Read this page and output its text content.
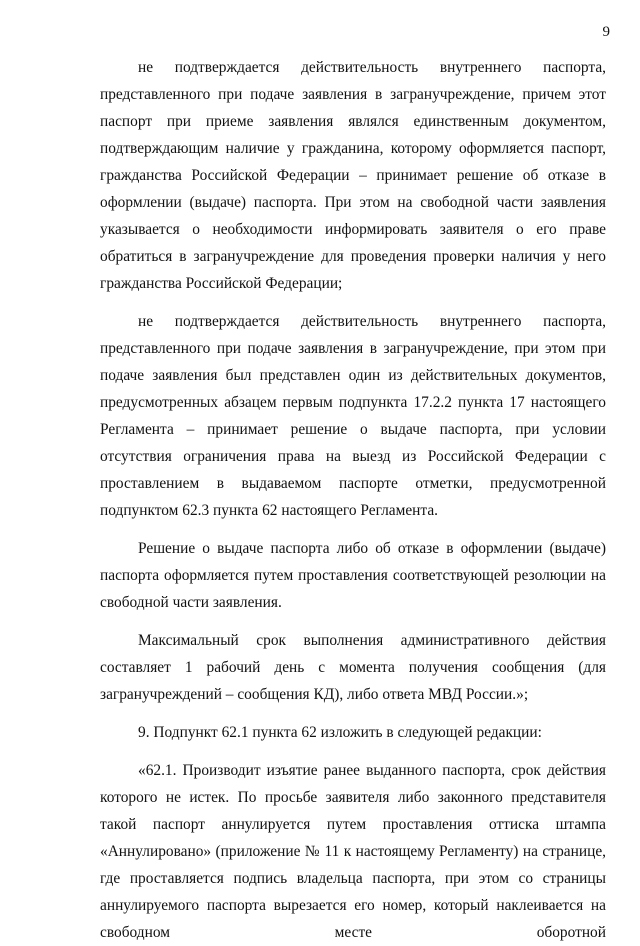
9

не подтверждается действительность внутреннего паспорта, представленного при подаче заявления в загранучреждение, причем этот паспорт при приеме заявления являлся единственным документом, подтверждающим наличие у гражданина, которому оформляется паспорт, гражданства Российской Федерации – принимает решение об отказе в оформлении (выдаче) паспорта. При этом на свободной части заявления указывается о необходимости информировать заявителя о его праве обратиться в загранучреждение для проведения проверки наличия у него гражданства Российской Федерации;

не подтверждается действительность внутреннего паспорта, представленного при подаче заявления в загранучреждение, при этом при подаче заявления был представлен один из действительных документов, предусмотренных абзацем первым подпункта 17.2.2 пункта 17 настоящего Регламента – принимает решение о выдаче паспорта, при условии отсутствия ограничения права на выезд из Российской Федерации с проставлением в выдаваемом паспорте отметки, предусмотренной подпунктом 62.3 пункта 62 настоящего Регламента.

Решение о выдаче паспорта либо об отказе в оформлении (выдаче) паспорта оформляется путем проставления соответствующей резолюции на свободной части заявления.

Максимальный срок выполнения административного действия составляет 1 рабочий день с момента получения сообщения (для загранучреждений – сообщения КД), либо ответа МВД России.»;

9. Подпункт 62.1 пункта 62 изложить в следующей редакции:

«62.1. Производит изъятие ранее выданного паспорта, срок действия которого не истек. По просьбе заявителя либо законного представителя такой паспорт аннулируется путем проставления оттиска штампа «Аннулировано» (приложение № 11 к настоящему Регламенту) на странице, где проставляется подпись владельца паспорта, при этом со страницы аннулируемого паспорта вырезается его номер, который наклеивается на свободном месте оборотной
